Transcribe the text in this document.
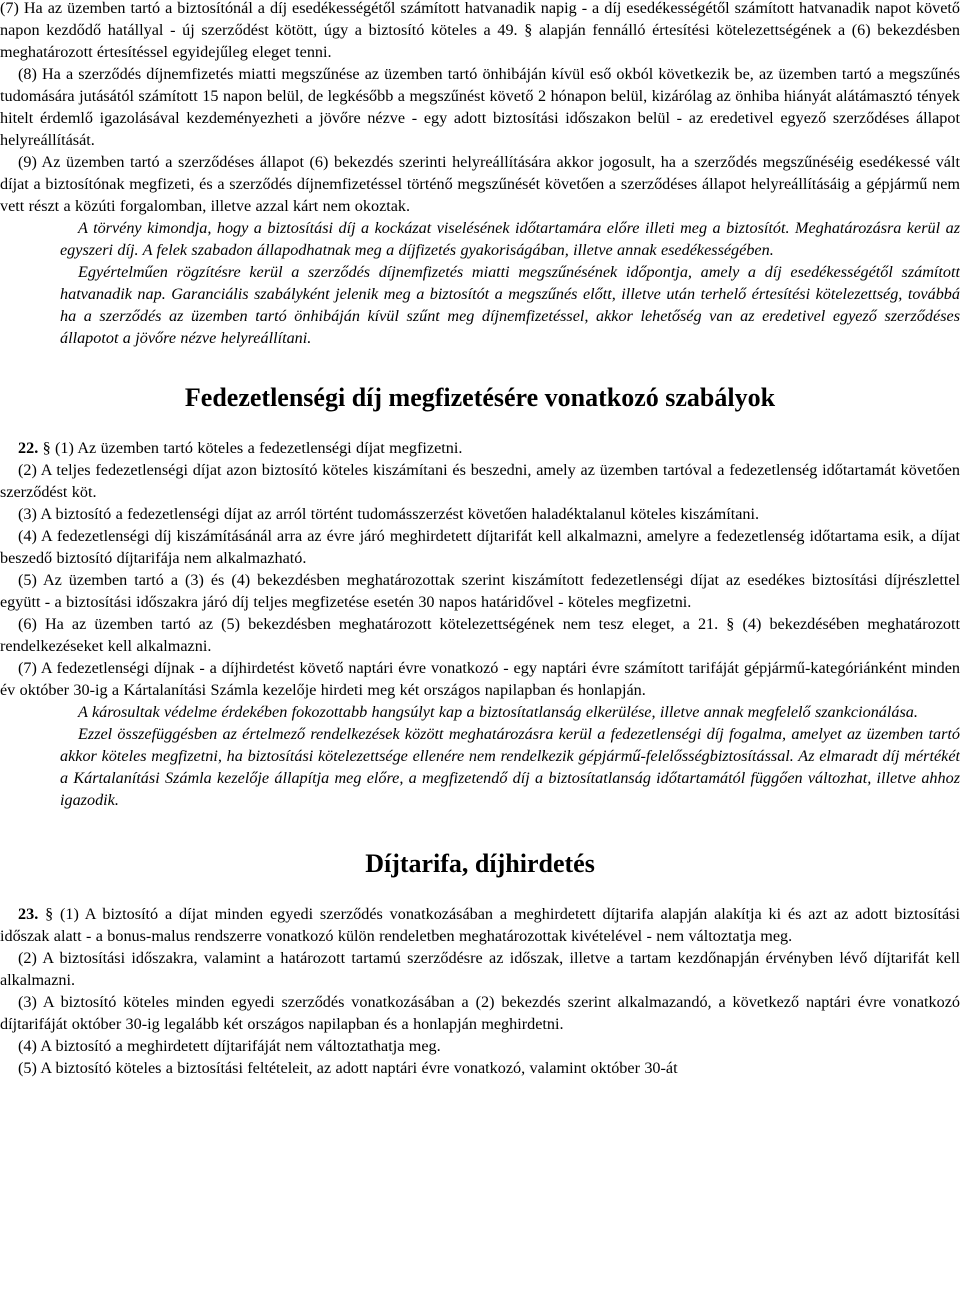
(7) Ha az üzemben tartó a biztosítónál a díj esedékességétől számított hatvanadik napig - a díj esedékességétől számított hatvanadik napot követő napon kezdődő hatállyal - új szerződést kötött, úgy a biztosító köteles a 49. § alapján fennálló értesítési kötelezettségének a (6) bekezdésben meghatározott értesítéssel egyidejűleg eleget tenni.

(8) Ha a szerződés díjnemfizetés miatti megszűnése az üzemben tartó önhibáján kívül eső okból következik be, az üzemben tartó a megszűnés tudomására jutásától számított 15 napon belül, de legkésőbb a megszűnést követő 2 hónapon belül, kizárólag az önhiba hiányát alátámasztó tények hitelt érdemlő igazolásával kezdeményezheti a jövőre nézve - egy adott biztosítási időszakon belül - az eredetivel egyező szerződéses állapot helyreállítását.

(9) Az üzemben tartó a szerződéses állapot (6) bekezdés szerinti helyreállítására akkor jogosult, ha a szerződés megszűnéséig esedékessé vált díjat a biztosítónak megfizeti, és a szerződés díjnemfizetéssel történő megszűnését követően a szerződéses állapot helyreállításáig a gépjármű nem vett részt a közúti forgalomban, illetve azzal kárt nem okoztak.

A törvény kimondja, hogy a biztosítási díj a kockázat viselésének időtartamára előre illeti meg a biztosítót. Meghatározásra kerül az egyszeri díj. A felek szabadon állapodhatnak meg a díjfizetés gyakoriságában, illetve annak esedékességében.

Egyértelműen rögzítésre kerül a szerződés díjnemfizetés miatti megszűnésének időpontja, amely a díj esedékességétől számított hatvanadik nap. Garanciális szabályként jelenik meg a biztosítót a megszűnés előtt, illetve után terhelő értesítési kötelezettség, továbbá ha a szerződés az üzemben tartó önhibáján kívül szűnt meg díjnemfizetéssel, akkor lehetőség van az eredetivel egyező szerződéses állapotot a jövőre nézve helyreállítani.

Fedezetlenségi díj megfizetésére vonatkozó szabályok

22. § (1) Az üzemben tartó köteles a fedezetlenségi díjat megfizetni.

(2) A teljes fedezetlenségi díjat azon biztosító köteles kiszámítani és beszedni, amely az üzemben tartóval a fedezetlenség időtartamát követően szerződést köt.

(3) A biztosító a fedezetlenségi díjat az arról történt tudomásszerzést követően haladéktalanul köteles kiszámítani.

(4) A fedezetlenségi díj kiszámításánál arra az évre járó meghirdetett díjtarifát kell alkalmazni, amelyre a fedezetlenség időtartama esik, a díjat beszedő biztosító díjtarifája nem alkalmazható.

(5) Az üzemben tartó a (3) és (4) bekezdésben meghatározottak szerint kiszámított fedezetlenségi díjat az esedékes biztosítási díjrészlettel együtt - a biztosítási időszakra járó díj teljes megfizetése esetén 30 napos határidővel - köteles megfizetni.

(6) Ha az üzemben tartó az (5) bekezdésben meghatározott kötelezettségének nem tesz eleget, a 21. § (4) bekezdésében meghatározott rendelkezéseket kell alkalmazni.

(7) A fedezetlenségi díjnak - a díjhirdetést követő naptári évre vonatkozó - egy naptári évre számított tarifáját gépjármű-kategóriánként minden év október 30-ig a Kártalanítási Számla kezelője hirdeti meg két országos napilapban és honlapján.

A károsultak védelme érdekében fokozottabb hangsúlyt kap a biztosítatlanság elkerülése, illetve annak megfelelő szankcionálása.

Ezzel összefüggésben az értelmező rendelkezések között meghatározásra kerül a fedezetlenségi díj fogalma, amelyet az üzemben tartó akkor köteles megfizetni, ha biztosítási kötelezettsége ellenére nem rendelkezik gépjármű-felelősségbiztosítással. Az elmaradt díj mértékét a Kártalanítási Számla kezelője állapítja meg előre, a megfizetendő díj a biztosítatlanság időtartamától függően változhat, illetve ahhoz igazodik.

Díjtarifa, díjhirdetés

23. § (1) A biztosító a díjat minden egyedi szerződés vonatkozásában a meghirdetett díjtarifa alapján alakítja ki és azt az adott biztosítási időszak alatt - a bonus-malus rendszerre vonatkozó külön rendeletben meghatározottak kivételével - nem változtatja meg.

(2) A biztosítási időszakra, valamint a határozott tartamú szerződésre az időszak, illetve a tartam kezdőnapján érvényben lévő díjtarifát kell alkalmazni.

(3) A biztosító köteles minden egyedi szerződés vonatkozásában a (2) bekezdés szerint alkalmazandó, a következő naptári évre vonatkozó díjtarifáját október 30-ig legalább két országos napilapban és a honlapján meghirdetni.

(4) A biztosító a meghirdetett díjtarifáját nem változtathatja meg.

(5) A biztosító köteles a biztosítási feltételeit, az adott naptári évre vonatkozó, valamint október 30-át
